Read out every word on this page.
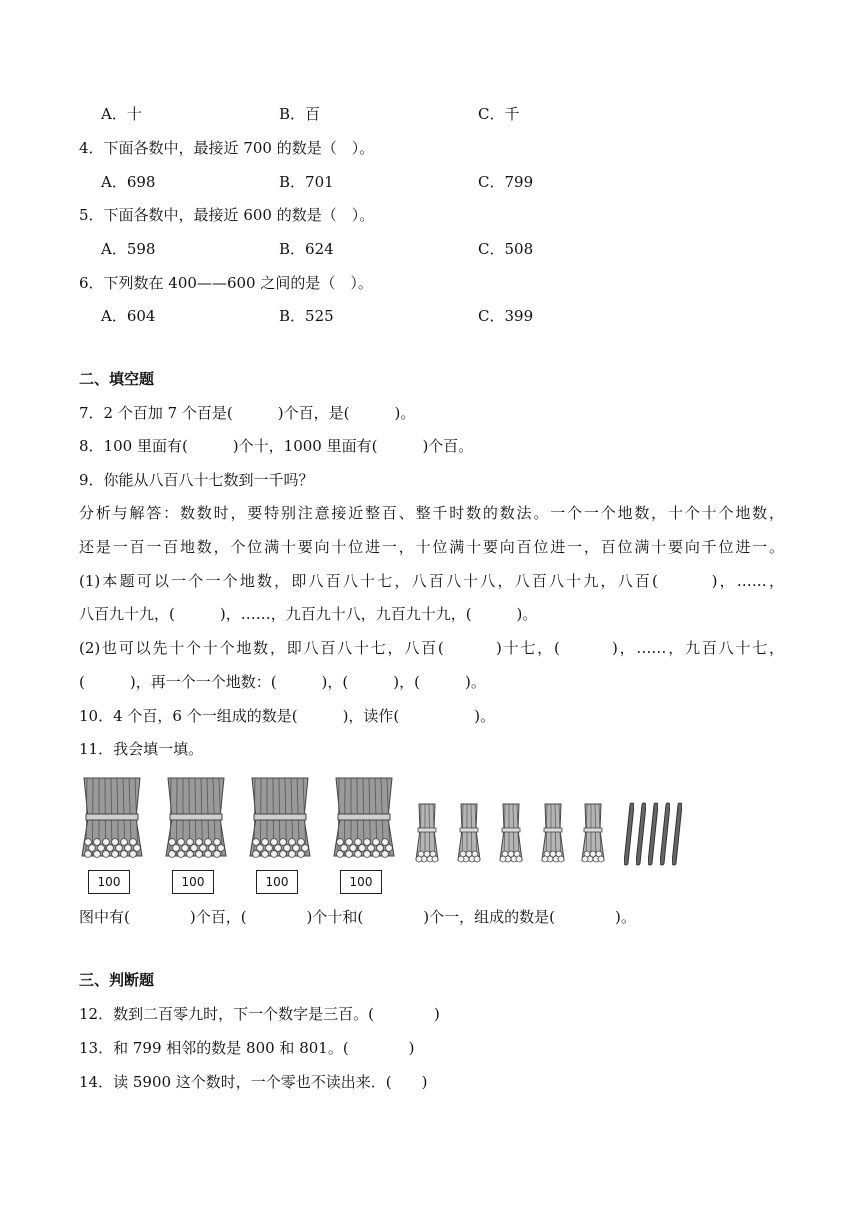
A．十	B．百	C．千
4．下面各数中，最接近 700 的数是（　）。
A．698	B．701	C．799
5．下面各数中，最接近 600 的数是（　）。
A．598	B．624	C．508
6．下列数在 400——600 之间的是（　）。
A．604	B．525	C．399
二、填空题
7．2 个百加 7 个百是(　　　)个百，是(　　　)。
8．100 里面有(　　　)个十，1000 里面有(　　　)个百。
9．你能从八百八十七数到一千吗？
分析与解答：数数时，要特别注意接近整百、整千时数的数法。一个一个地数，十个十个地数，
还是一百一百地数，个位满十要向十位进一，十位满十要向百位进一，百位满十要向千位进一。
(1)本题可以一个一个地数，即八百八十七，八百八十八，八百八十九，八百(　　　)，……，
八百九十九，(　　　)，……，九百九十八，九百九十九，(　　　)。
(2)也可以先十个十个地数，即八百八十七，八百(　　　)十七，(　　　)，……，九百八十七，
(　　　)，再一个一个地数：(　　　)，(　　　)，(　　　)。
10．4 个百，6 个一组成的数是(　　　)，读作(　　　　　)。
11．我会填一填。
100	100	100	100
图中有(　　　　)个百，(　　　　)个十和(　　　　)个一，组成的数是(　　　　)。
三、判断题
12．数到二百零九时，下一个数字是三百。(　　　　)
13．和 799 相邻的数是 800 和 801。(　　　　)
14．读 5900 这个数时，一个零也不读出来．(　　)
